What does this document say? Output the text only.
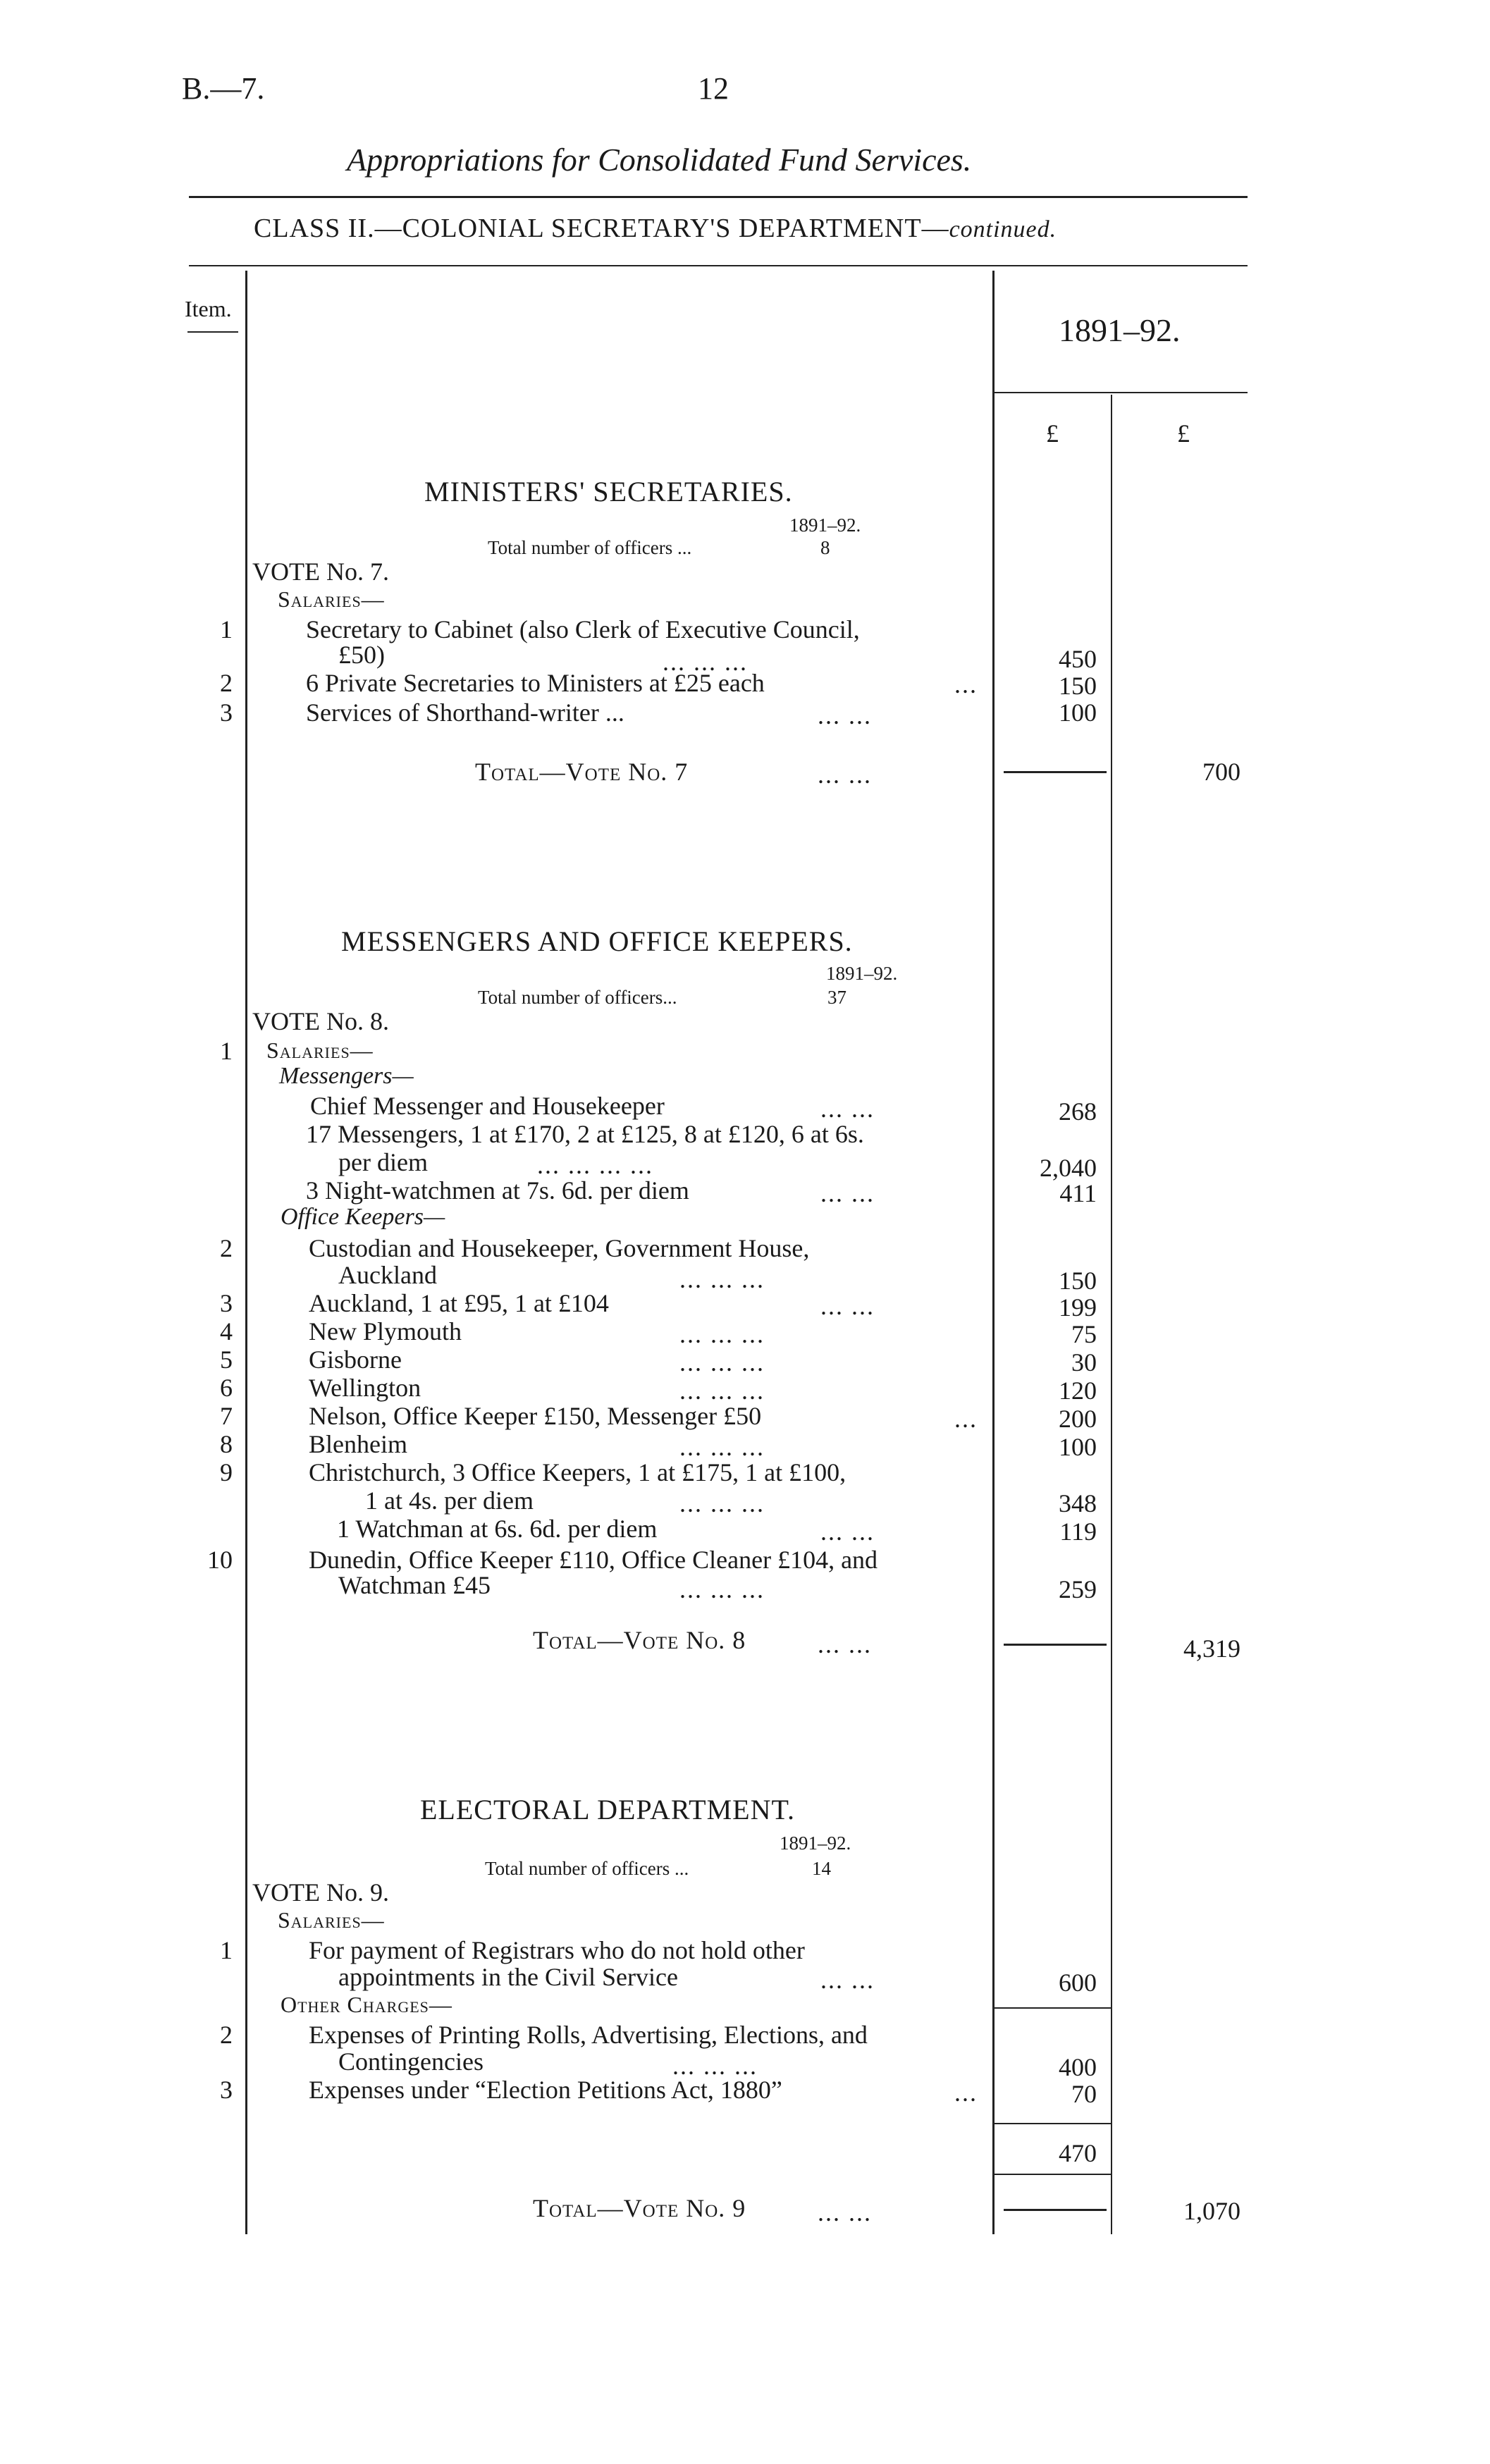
B.—7.	12
Appropriations for Consolidated Fund Services.
CLASS II.—COLONIAL SECRETARY'S DEPARTMENT—continued.
Item.
1891–92.
£	£
MINISTERS' SECRETARIES.
1891–92.
Total number of officers ...	8
VOTE No. 7.
Salaries—
1	Secretary to Cabinet (also Clerk of Executive Council,
£50)	... ... ...	450
2	6 Private Secretaries to Ministers at £25 each	...	150
3	Services of Shorthand-writer ...	... ...	100
Total—Vote No. 7	... ...	700
MESSENGERS AND OFFICE KEEPERS.
1891–92.
Total number of officers...	37
VOTE No. 8.
1 Salaries—
Messengers—
Chief Messenger and Housekeeper	... ...	268
17 Messengers, 1 at £170, 2 at £125, 8 at £120, 6 at 6s.
per diem	... ... ... ...	2,040
3 Night-watchmen at 7s. 6d. per diem	... ...	411
Office Keepers—
2	Custodian and Housekeeper, Government House,
Auckland	... ... ...	150
3	Auckland, 1 at £95, 1 at £104	... ...	199
4	New Plymouth	... ... ...	75
5	Gisborne	... ... ...	30
6	Wellington	... ... ...	120
7	Nelson, Office Keeper £150, Messenger £50	...	200
8	Blenheim	... ... ...	100
9	Christchurch, 3 Office Keepers, 1 at £175, 1 at £100,
1 at 4s. per diem	... ... ...	348
1 Watchman at 6s. 6d. per diem	... ...	119
10	Dunedin, Office Keeper £110, Office Cleaner £104, and
Watchman £45	... ... ...	259
Total—Vote No. 8	... ...	4,319
ELECTORAL DEPARTMENT.
1891–92.
Total number of officers ...	14
VOTE No. 9.
Salaries—
1	For payment of Registrars who do not hold other
appointments in the Civil Service	... ...	600
Other Charges—
2	Expenses of Printing Rolls, Advertising, Elections, and
Contingencies	... ... ...	400
3	Expenses under “Election Petitions Act, 1880”	...	70
470
Total—Vote No. 9	... ...	1,070
